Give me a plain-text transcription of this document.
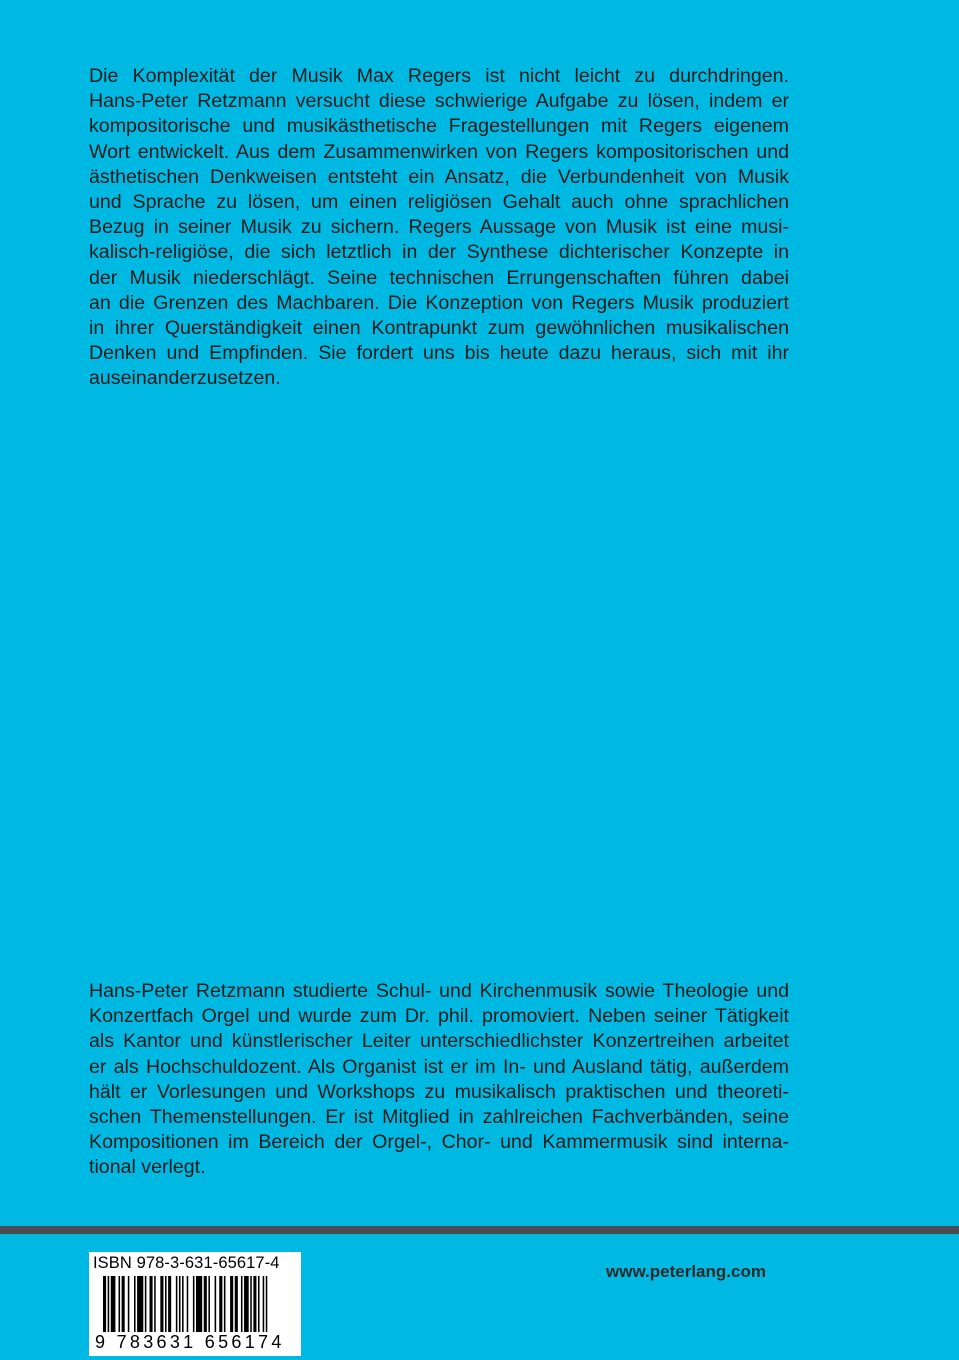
Die Komplexität der Musik Max Regers ist nicht leicht zu durchdringen.
Hans-Peter Retzmann versucht diese schwierige Aufgabe zu lösen, indem er
kompositorische und musikästhetische Fragestellungen mit Regers eigenem
Wort entwickelt. Aus dem Zusammenwirken von Regers kompositorischen und
ästhetischen Denkweisen entsteht ein Ansatz, die Verbundenheit von Musik
und Sprache zu lösen, um einen religiösen Gehalt auch ohne sprachlichen
Bezug in seiner Musik zu sichern. Regers Aussage von Musik ist eine musi-
kalisch-religiöse, die sich letztlich in der Synthese dichterischer Konzepte in
der Musik niederschlägt. Seine technischen Errungenschaften führen dabei
an die Grenzen des Machbaren. Die Konzeption von Regers Musik produziert
in ihrer Querständigkeit einen Kontrapunkt zum gewöhnlichen musikalischen
Denken und Empfinden. Sie fordert uns bis heute dazu heraus, sich mit ihr
auseinanderzusetzen.
Hans-Peter Retzmann studierte Schul- und Kirchenmusik sowie Theologie und
Konzertfach Orgel und wurde zum Dr. phil. promoviert. Neben seiner Tätigkeit
als Kantor und künstlerischer Leiter unterschiedlichster Konzertreihen arbeitet
er als Hochschuldozent. Als Organist ist er im In- und Ausland tätig, außerdem
hält er Vorlesungen und Workshops zu musikalisch praktischen und theoreti-
schen Themenstellungen. Er ist Mitglied in zahlreichen Fachverbänden, seine
Kompositionen im Bereich der Orgel-, Chor- und Kammermusik sind interna-
tional verlegt.
ISBN 978-3-631-65617-4
9 783631 656174
www.peterlang.com
